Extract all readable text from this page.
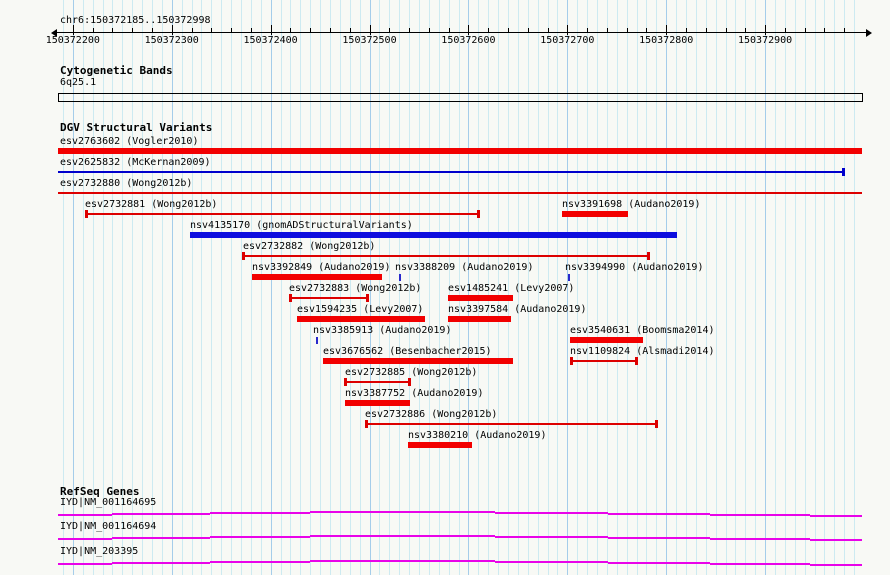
chr6:150372185..150372998
150372200	150372300	150372400	150372500	150372600	150372700	150372800	150372900
Cytogenetic Bands
6q25.1
DGV Structural Variants
esv2763602 (Vogler2010)
esv2625832 (McKernan2009)
esv2732880 (Wong2012b)
esv2732881 (Wong2012b)	nsv3391698 (Audano2019)
nsv4135170 (gnomADStructuralVariants)
esv2732882 (Wong2012b)
nsv3392849 (Audano2019) nsv3388209 (Audano2019)	nsv3394990 (Audano2019)
esv2732883 (Wong2012b)	esv1485241 (Levy2007)
esv1594235 (Levy2007) nsv3397584 (Audano2019)
nsv3385913 (Audano2019)	esv3540631 (Boomsma2014)
esv3676562 (Besenbacher2015)	nsv1109824 (Alsmadi2014)
esv2732885 (Wong2012b)
nsv3387752 (Audano2019)
esv2732886 (Wong2012b)
nsv3380210 (Audano2019)
RefSeq Genes
IYD|NM_001164695
IYD|NM_001164694
IYD|NM_203395
